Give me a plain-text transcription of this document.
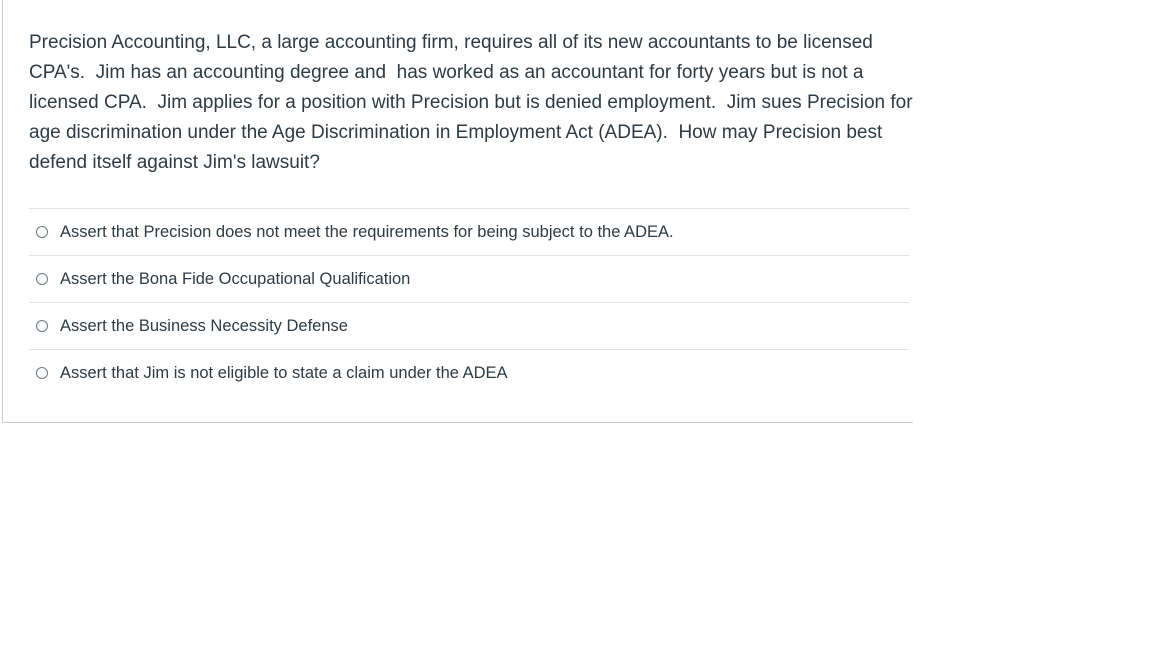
Precision Accounting, LLC, a large accounting firm, requires all of its new accountants to be licensed CPA's.  Jim has an accounting degree and  has worked as an accountant for forty years but is not a licensed CPA.  Jim applies for a position with Precision but is denied employment.  Jim sues Precision for age discrimination under the Age Discrimination in Employment Act (ADEA).  How may Precision best defend itself against Jim's lawsuit?
Assert that Precision does not meet the requirements for being subject to the ADEA.
Assert the Bona Fide Occupational Qualification
Assert the Business Necessity Defense
Assert that Jim is not eligible to state a claim under the ADEA
